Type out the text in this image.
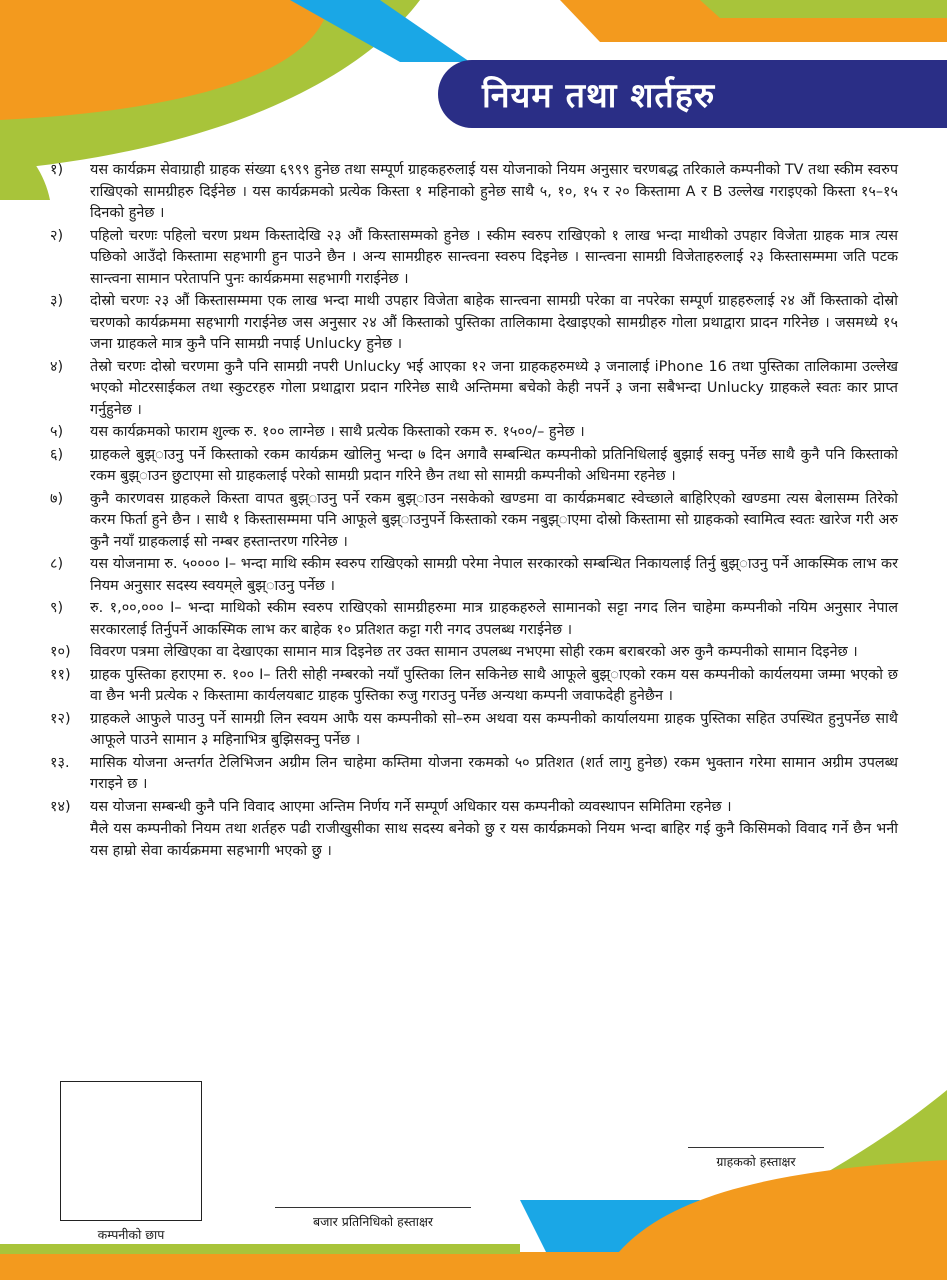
नियम तथा शर्तहरु
१)	यस कार्यक्रम सेवाग्राही ग्राहक संख्या ६९९९ हुनेछ तथा सम्पूर्ण ग्राहकहरुलाई यस योजनाको नियम अनुसार चरणबद्ध तरिकाले कम्पनीको TV तथा स्कीम स्वरुप राखिएको सामग्रीहरु दिईनेछ । यस कार्यक्रमको प्रत्येक किस्ता १ महिनाको हुनेछ साथै ५, १०, १५ र २० किस्तामा A र B उल्लेख गराइएको किस्ता १५–१५ दिनको हुनेछ ।
२)	पहिलो चरणः पहिलो चरण प्रथम किस्तादेखि २३ औं किस्तासम्मको हुनेछ । स्कीम स्वरुप राखिएको १ लाख भन्दा माथीको उपहार विजेता ग्राहक मात्र त्यस पछिको आउँदो किस्तामा सहभागी हुन पाउने छैन । अन्य सामग्रीहरु सान्त्वना स्वरुप दिइनेछ । सान्त्वना सामग्री विजेताहरुलाई २३ किस्तासम्ममा जति पटक सान्त्वना सामान परेतापनि पुनः कार्यक्रममा सहभागी गराईनेछ ।
३)	दोस्रो चरणः २३ औं किस्तासम्ममा एक लाख भन्दा माथी उपहार विजेता बाहेक सान्त्वना सामग्री परेका वा नपरेका सम्पूर्ण ग्राहहरुलाई २४ औं किस्ताको दोस्रो चरणको कार्यक्रममा सहभागी गराईनेछ जस अनुसार २४ औं किस्ताको पुस्तिका तालिकामा देखाइएको सामग्रीहरु गोला प्रथाद्वारा प्रादन गरिनेछ । जसमध्ये १५ जना ग्राहकले मात्र कुनै पनि सामग्री नपाई Unlucky हुनेछ ।
४)	तेस्रो चरणः दोस्रो चरणमा कुनै पनि सामग्री नपरी Unlucky भई आएका १२ जना ग्राहकहरुमध्ये ३ जनालाई iPhone 16 तथा पुस्तिका तालिकामा उल्लेख भएको मोटरसाईकल तथा स्कुटरहरु गोला प्रथाद्वारा प्रदान गरिनेछ साथै अन्तिममा बचेको केही नपर्ने ३ जना सबैभन्दा Unlucky ग्राहकले स्वतः कार प्राप्त गर्नुहुनेछ ।
५)	यस कार्यक्रमको फाराम शुल्क रु. १०० लाग्नेछ । साथै प्रत्येक किस्ताको रकम रु. १५००/– हुनेछ ।
६)	ग्राहकले बुझ्‌ाउनु पर्ने किस्ताको रकम कार्यक्रम खोलिनु भन्दा ७ दिन अगावै सम्बन्धित कम्पनीको प्रतिनिधिलाई बुझाई सक्नु पर्नेछ साथै कुनै पनि किस्ताको रकम बुझ्‌ाउन छुटाएमा सो ग्राहकलाई परेको सामग्री प्रदान गरिने छैन तथा सो सामग्री कम्पनीको अधिनमा रहनेछ ।
७)	कुनै कारणवस ग्राहकले किस्ता वापत बुझ्‌ाउनु पर्ने रकम बुझ्‌ाउन नसकेको खण्डमा वा कार्यक्रमबाट स्वेच्छाले बाहिरिएको खण्डमा त्यस बेलासम्म तिरेको करम फिर्ता हुने छैन । साथै १ किस्तासम्ममा पनि आफूले बुझ्‌ाउनुपर्ने किस्ताको रकम नबुझ्‌ाएमा दोस्रो किस्तामा सो ग्राहकको स्वामित्व स्वतः खारेज गरी अरु कुनै नयाँ ग्राहकलाई सो नम्बर हस्तान्तरण गरिनेछ ।
८)	यस योजनामा रु. ५०००० I– भन्दा माथि स्कीम स्वरुप राखिएको सामग्री परेमा नेपाल सरकारको सम्बन्धित निकायलाई तिर्नु बुझ्‌ाउनु पर्ने आकस्मिक लाभ कर नियम अनुसार सदस्य स्वयम्‌ले बुझ्‌ाउनु पर्नेछ ।
९)	रु. १,००,००० I– भन्दा माथिको स्कीम स्वरुप राखिएको सामग्रीहरुमा मात्र ग्राहकहरुले सामानको सट्टा नगद लिन चाहेमा कम्पनीको नयिम अनुसार नेपाल सरकारलाई तिर्नुपर्ने आकस्मिक लाभ कर बाहेक १० प्रतिशत कट्टा गरी नगद उपलब्ध गराईनेछ ।
१०)	विवरण पत्रमा लेखिएका वा देखाएका सामान मात्र दिइनेछ तर उक्त सामान उपलब्ध नभएमा सोही रकम बराबरको अरु कुनै कम्पनीको सामान दिइनेछ ।
११)	ग्राहक पुस्तिका हराएमा रु. १०० I– तिरी सोही नम्बरको नयाँ पुस्तिका लिन सकिनेछ साथै आफूले बुझ्‌ाएको रकम यस कम्पनीको कार्यलयमा जम्मा भएको छ वा छैन भनी प्रत्येक २ किस्तामा कार्यलयबाट ग्राहक पुस्तिका रुजु गराउनु पर्नेछ अन्यथा कम्पनी जवाफदेही हुनेछैन ।
१२)	ग्राहकले आफुले पाउनु पर्ने सामग्री लिन स्वयम आफै यस कम्पनीको सो–रुम अथवा यस कम्पनीको कार्यालयमा ग्राहक पुस्तिका सहित उपस्थित हुनुपर्नेछ साथै आफूले पाउने सामान ३ महिनाभित्र बुझिसक्नु पर्नेछ ।
१३.	मासिक योजना अन्तर्गत टेलिभिजन अग्रीम लिन चाहेमा कम्तिमा योजना रकमको ५० प्रतिशत (शर्त लागु हुनेछ) रकम भुक्तान गरेमा सामान अग्रीम उपलब्ध गराइने छ ।
१४)	यस योजना सम्बन्धी कुनै पनि विवाद आएमा अन्तिम निर्णय गर्ने सम्पूर्ण अधिकार यस कम्पनीको व्यवस्थापन समितिमा रहनेछ ।
मैले यस कम्पनीको नियम तथा शर्तहरु पढी राजीखुसीका साथ सदस्य बनेको छु र यस कार्यक्रमको नियम भन्दा बाहिर गई कुनै किसिमको विवाद गर्ने छैन भनी यस हाम्रो सेवा कार्यक्रममा सहभागी भएको छु ।
कम्पनीको छाप
बजार प्रतिनिधिको हस्ताक्षर
ग्राहकको हस्ताक्षर
